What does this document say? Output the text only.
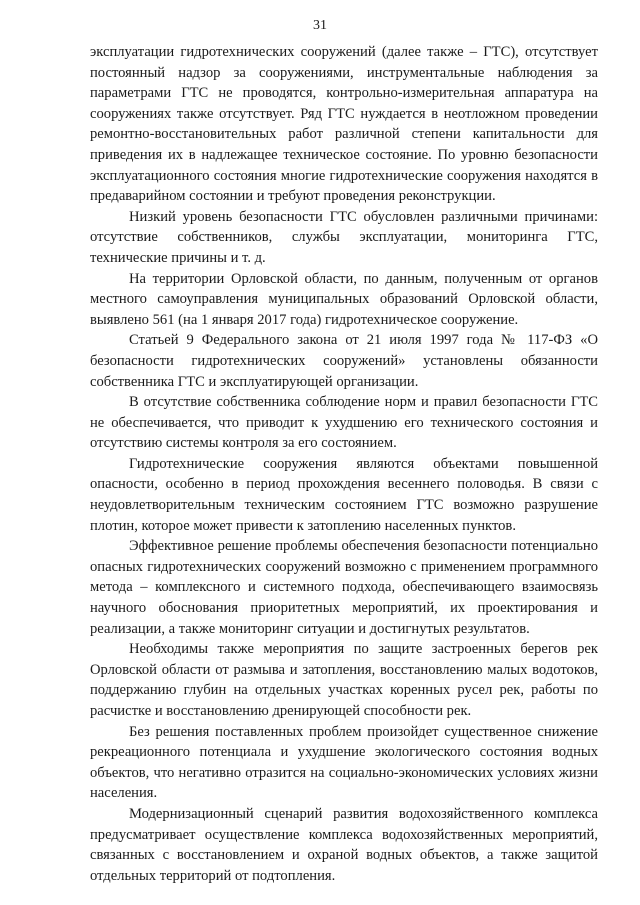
31

эксплуатации гидротехнических сооружений (далее также – ГТС), отсутствует постоянный надзор за сооружениями, инструментальные наблюдения за параметрами ГТС не проводятся, контрольно-измерительная аппаратура на сооружениях также отсутствует. Ряд ГТС нуждается в неотложном проведении ремонтно-восстановительных работ различной степени капитальности для приведения их в надлежащее техническое состояние. По уровню безопасности эксплуатационного состояния многие гидротехнические сооружения находятся в предаварийном состоянии и требуют проведения реконструкции.

Низкий уровень безопасности ГТС обусловлен различными причинами: отсутствие собственников, службы эксплуатации, мониторинга ГТС, технические причины и т. д.

На территории Орловской области, по данным, полученным от органов местного самоуправления муниципальных образований Орловской области, выявлено 561 (на 1 января 2017 года) гидротехническое сооружение.

Статьей 9 Федерального закона от 21 июля 1997 года № 117-ФЗ «О безопасности гидротехнических сооружений» установлены обязанности собственника ГТС и эксплуатирующей организации.

В отсутствие собственника соблюдение норм и правил безопасности ГТС не обеспечивается, что приводит к ухудшению его технического состояния и отсутствию системы контроля за его состоянием.

Гидротехнические сооружения являются объектами повышенной опасности, особенно в период прохождения весеннего половодья. В связи с неудовлетворительным техническим состоянием ГТС возможно разрушение плотин, которое может привести к затоплению населенных пунктов.

Эффективное решение проблемы обеспечения безопасности потенциально опасных гидротехнических сооружений возможно с применением программного метода – комплексного и системного подхода, обеспечивающего взаимосвязь научного обоснования приоритетных мероприятий, их проектирования и реализации, а также мониторинг ситуации и достигнутых результатов.

Необходимы также мероприятия по защите застроенных берегов рек Орловской области от размыва и затопления, восстановлению малых водотоков, поддержанию глубин на отдельных участках коренных русел рек, работы по расчистке и восстановлению дренирующей способности рек.

Без решения поставленных проблем произойдет существенное снижение рекреационного потенциала и ухудшение экологического состояния водных объектов, что негативно отразится на социально-экономических условиях жизни населения.

Модернизационный сценарий развития водохозяйственного комплекса предусматривает осуществление комплекса водохозяйственных мероприятий, связанных с восстановлением и охраной водных объектов, а также защитой отдельных территорий от подтопления.
